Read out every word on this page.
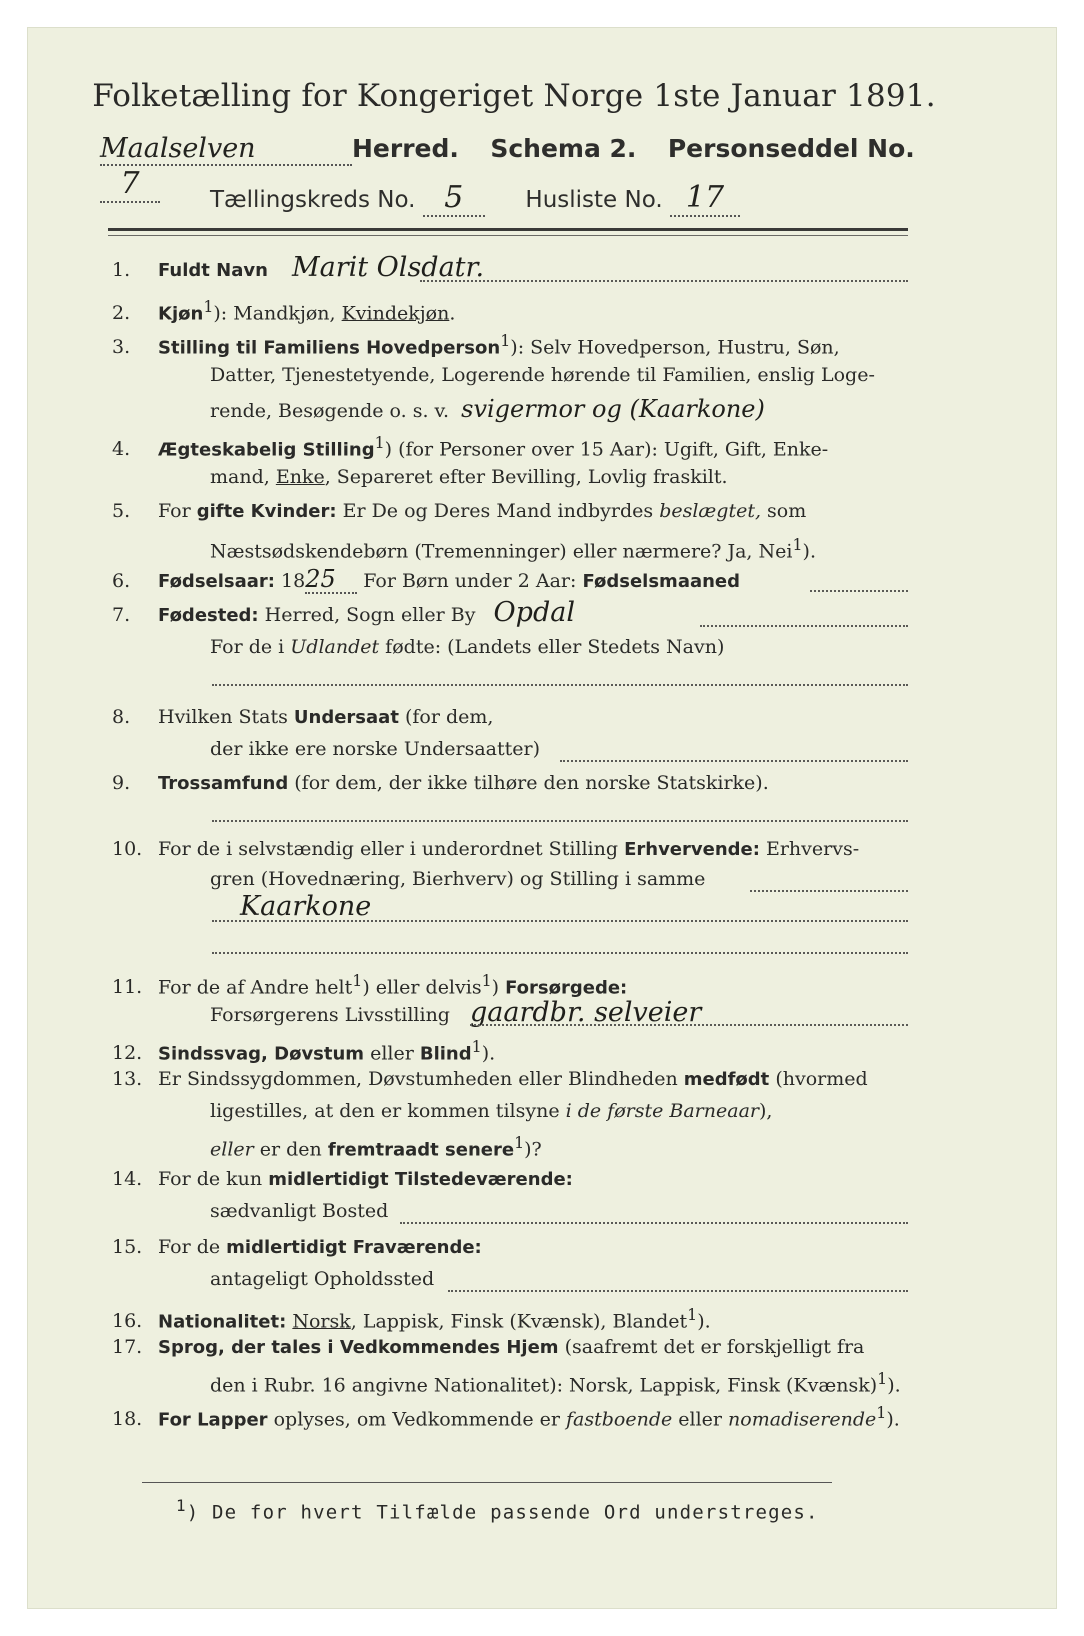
Folketælling for Kongeriget Norge 1ste Januar 1891.
Maalselven	Herred. Schema 2. Personseddel No. 7	Tællingskreds No. 5	Husliste No. 17
1. Fuldt Navn Marit Olsdatr.
2. Kjøn$^1$): Mandkjøn, Kvindekjøn.
3. Stilling til Familiens Hovedperson$^1$): Selv Hovedperson, Hustru, Søn,
Datter, Tjenestetyende, Logerende hørende til Familien, enslig Loge-
rende, Besøgende o. s. v. svigermor og (Kaarkone)
4. Ægteskabelig Stilling$^1$) (for Personer over 15 Aar): Ugift, Gift, Enke-
mand, Enke, Separeret efter Bevilling, Lovlig fraskilt.
5. For gifte Kvinder: Er De og Deres Mand indbyrdes beslægtet, som
Næstsødskendebørn (Tremenninger) eller nærmere? Ja, Nei$^1$).
6. Fødselsaar: 1825 For Børn under 2 Aar: Fødselsmaaned
7. Fødested: Herred, Sogn eller By Opdal
For de i Udlandet fødte: (Landets eller Stedets Navn)
8. Hvilken Stats Undersaat (for dem,
der ikke ere norske Undersaatter)
9. Trossamfund (for dem, der ikke tilhøre den norske Statskirke).
10. For de i selvstændig eller i underordnet Stilling Erhvervende: Erhvervs-
gren (Hovednæring, Bierhverv) og Stilling i samme
Kaarkone
11. For de af Andre helt$^1$) eller delvis$^1$) Forsørgede:
Forsørgerens Livsstilling gaardbr. selveier
12. Sindssvag, Døvstum eller Blind$^1$).
13. Er Sindssygdommen, Døvstumheden eller Blindheden medfødt (hvormed
ligestilles, at den er kommen tilsyne i de første Barneaar),
eller er den fremtraadt senere$^1$)?
14. For de kun midlertidigt Tilstedeværende:
sædvanligt Bosted
15. For de midlertidigt Fraværende:
antageligt Opholdssted
16. Nationalitet: Norsk, Lappisk, Finsk (Kvænsk), Blandet$^1$).
17. Sprog, der tales i Vedkommendes Hjem (saafremt det er forskjelligt fra
den i Rubr. 16 angivne Nationalitet): Norsk, Lappisk, Finsk (Kvænsk)$^1$).
18. For Lapper oplyses, om Vedkommende er fastboende eller nomadiserende$^1$).
$^1$) De for hvert Tilfælde passende Ord understreges.
